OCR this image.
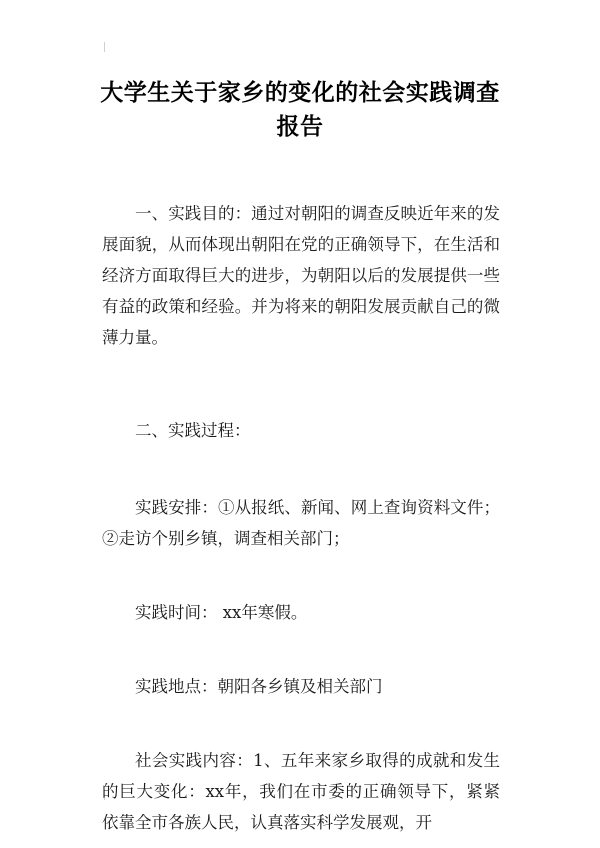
大学生关于家乡的变化的社会实践调查报告

一、实践目的：通过对朝阳的调查反映近年来的发展面貌，从而体现出朝阳在党的正确领导下，在生活和经济方面取得巨大的进步，为朝阳以后的发展提供一些有益的政策和经验。并为将来的朝阳发展贡献自己的微薄力量。

二、实践过程：

实践安排：①从报纸、新闻、网上查询资料文件；②走访个别乡镇，调查相关部门；

实践时间： xx年寒假。

实践地点：朝阳各乡镇及相关部门

社会实践内容：1、五年来家乡取得的成就和发生的巨大变化：xx年，我们在市委的正确领导下，紧紧依靠全市各族人民，认真落实科学发展观，开
